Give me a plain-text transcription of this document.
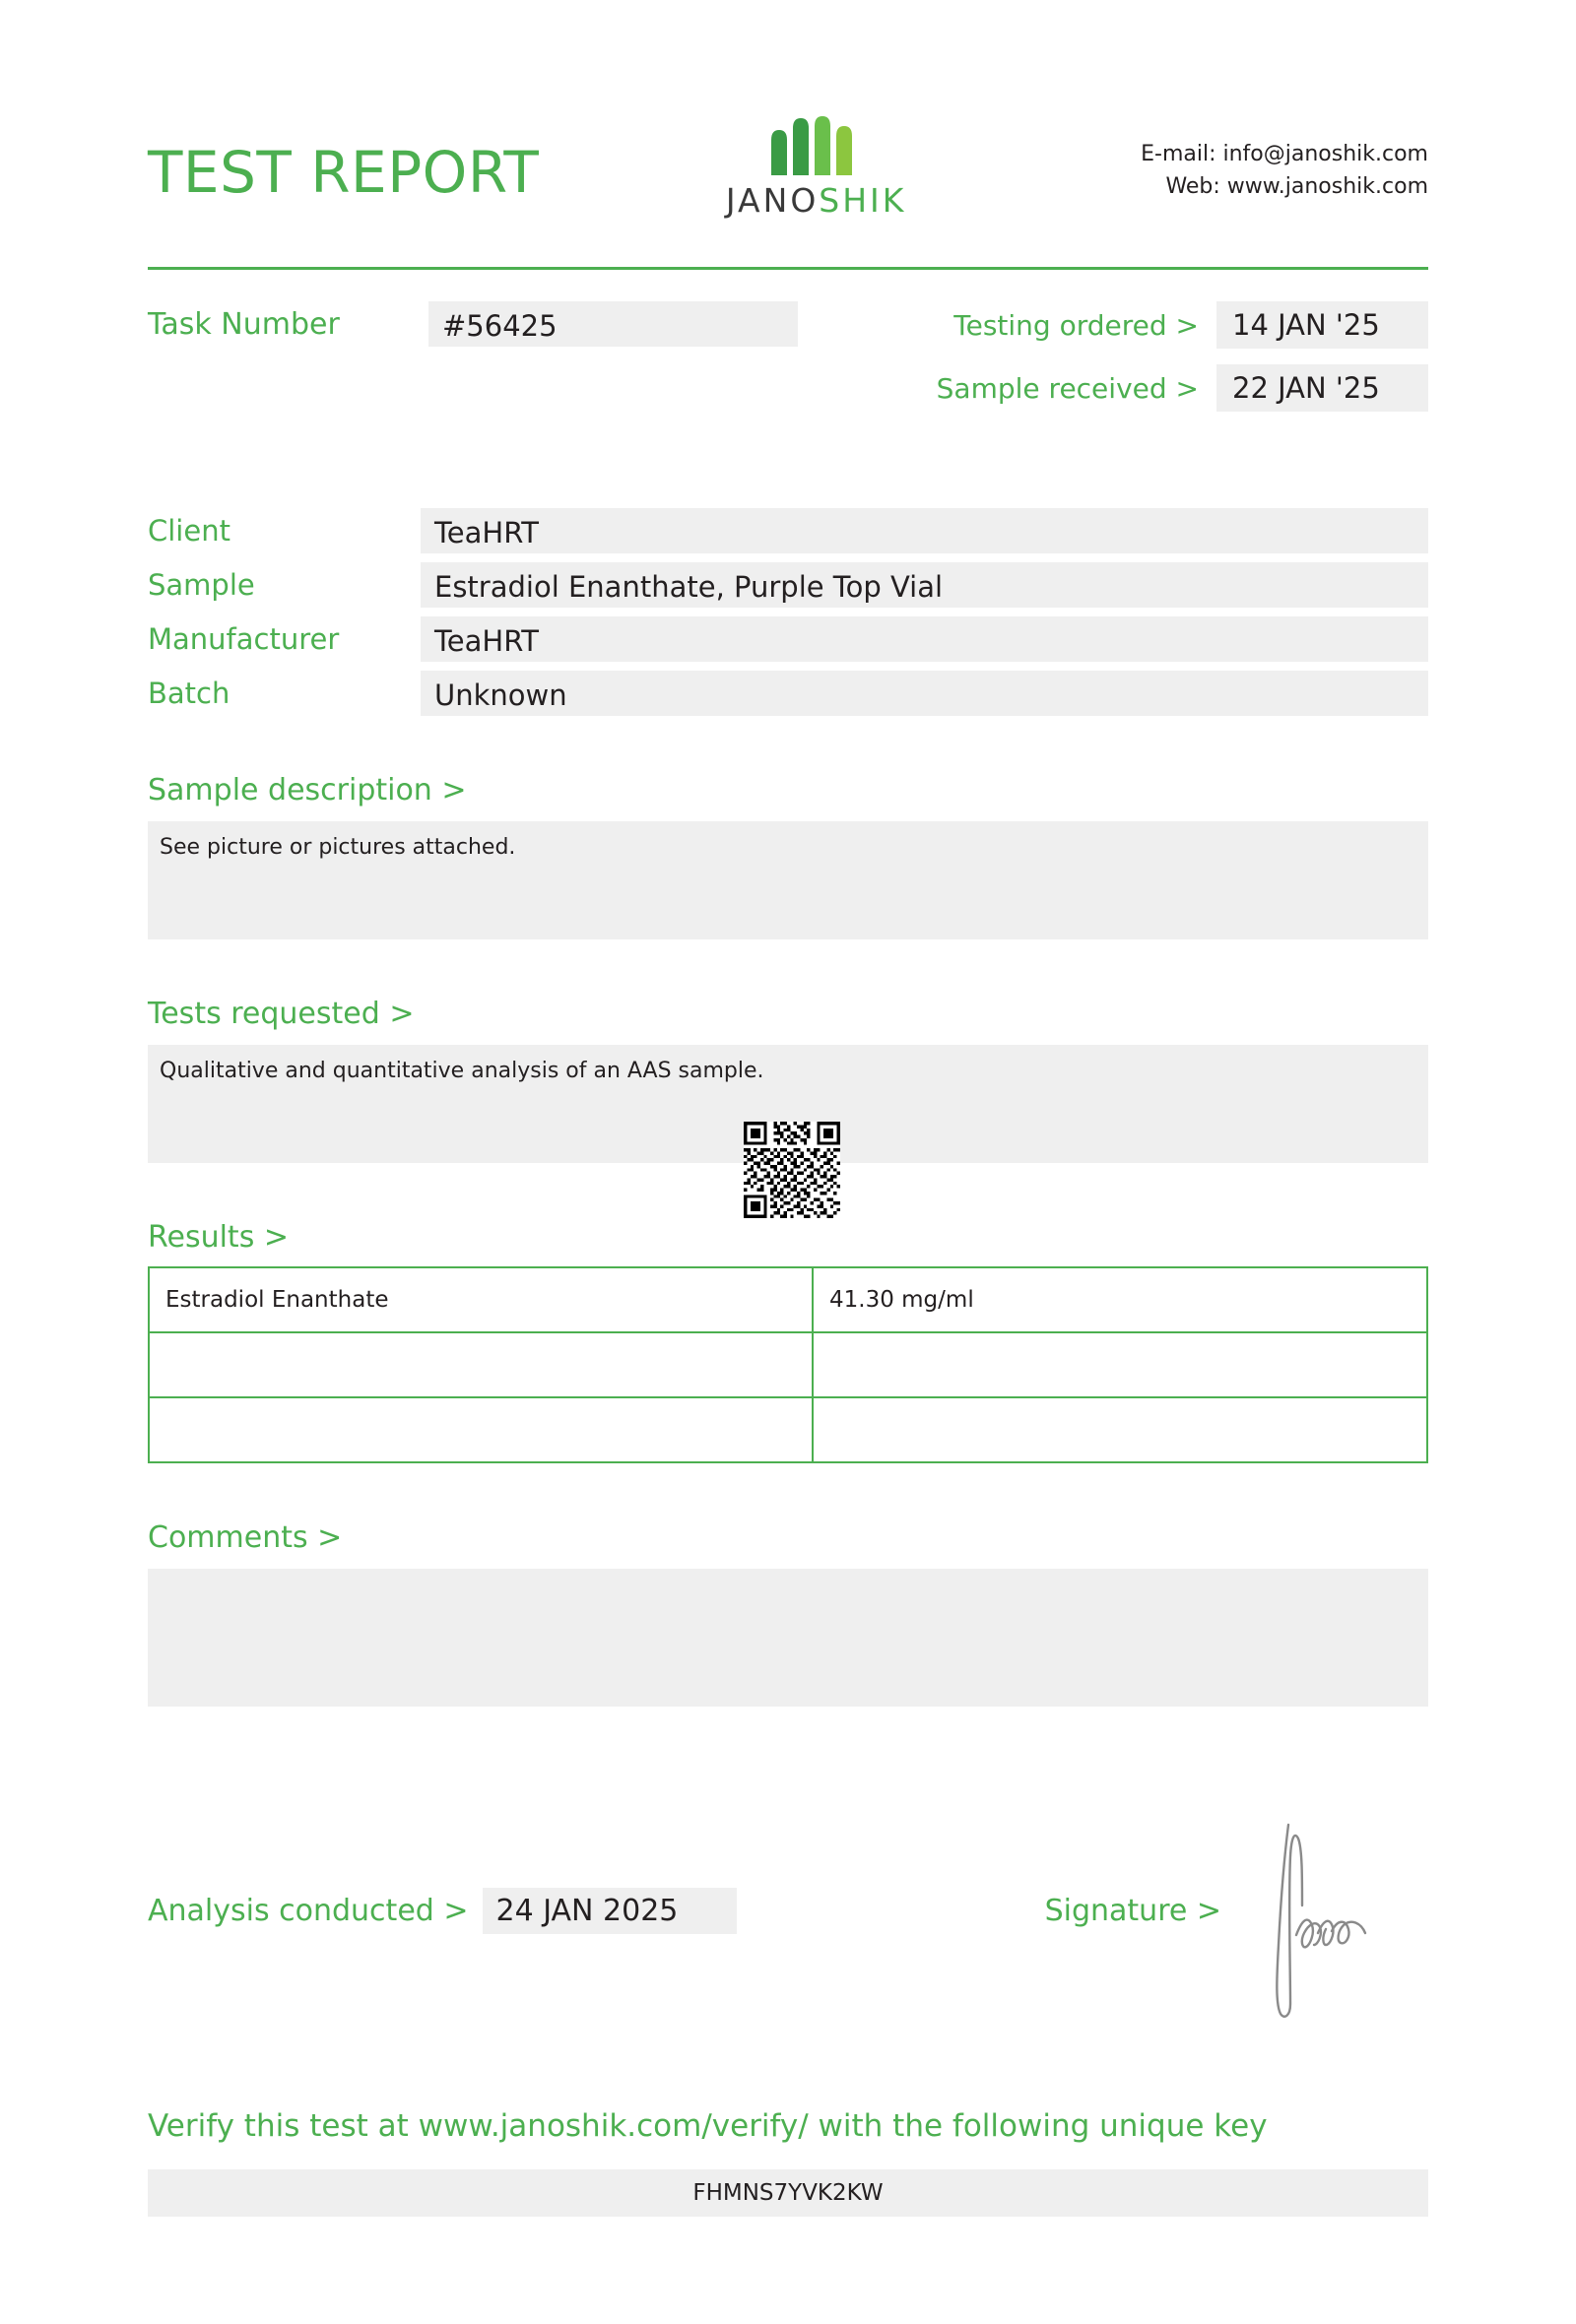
TEST REPORT	JANOSHIK
E-mail: info@janoshik.com
Web: www.janoshik.com
Task Number	#56425	Testing ordered >	14 JAN '25
Sample received >	22 JAN '25
Client	TeaHRT
Sample	Estradiol Enanthate, Purple Top Vial
Manufacturer	TeaHRT
Batch	Unknown
Sample description >
See picture or pictures attached.
Tests requested >
Qualitative and quantitative analysis of an AAS sample.
Results >
Estradiol Enanthate	41.30 mg/ml

Comments >
Analysis conducted > 24 JAN 2025	Signature >
Verify this test at www.janoshik.com/verify/ with the following unique key
FHMNS7YVK2KW
